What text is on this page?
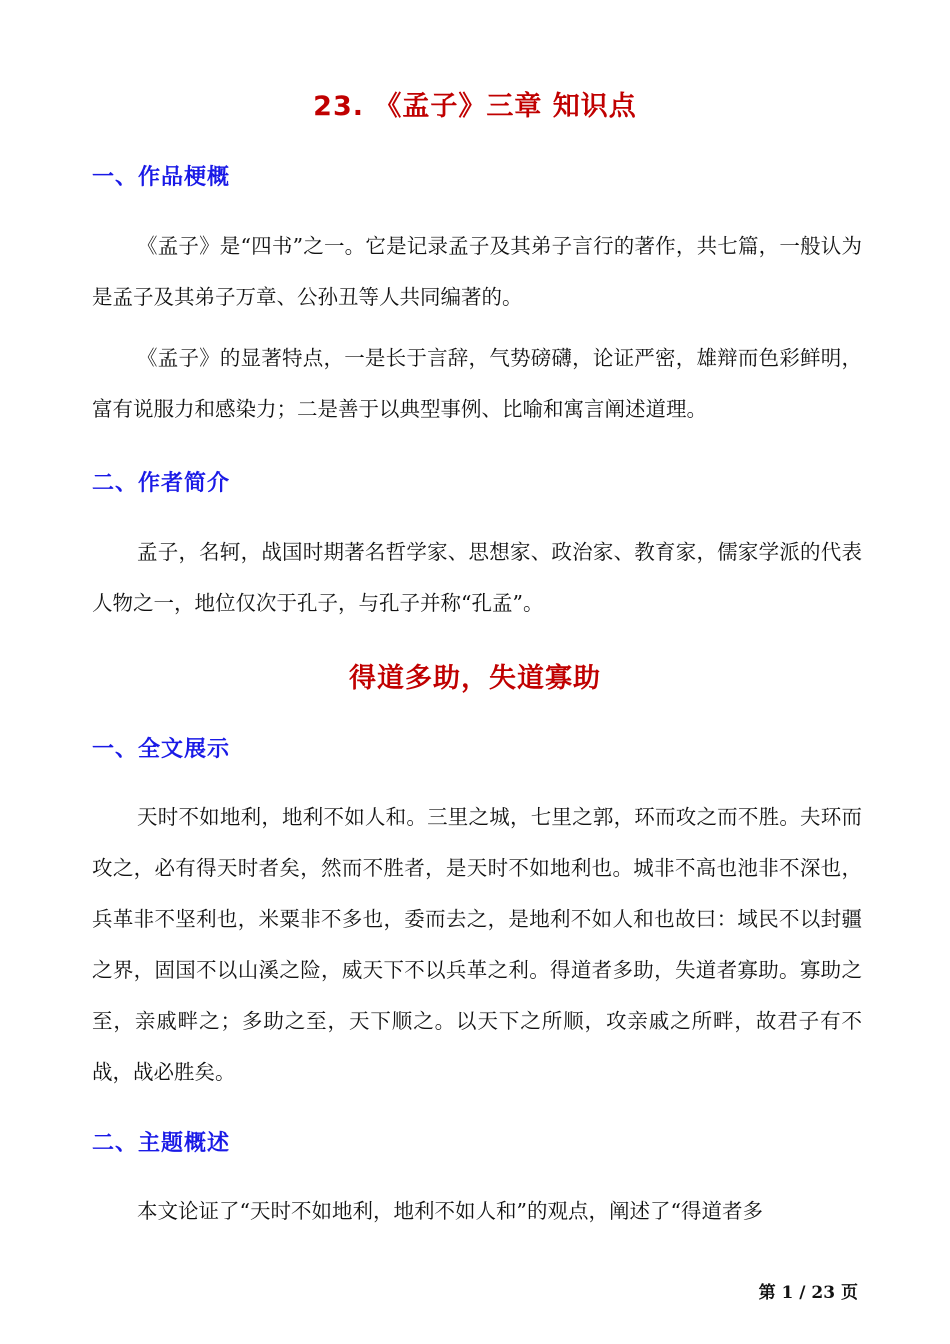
23. 《孟子》三章 知识点
一、作品梗概

《孟子》是“四书”之一。它是记录孟子及其弟子言行的著作，共七篇，一般认为是孟子及其弟子万章、公孙丑等人共同编著的。

《孟子》的显著特点，一是长于言辞，气势磅礴，论证严密，雄辩而色彩鲜明，富有说服力和感染力；二是善于以典型事例、比喻和寓言阐述道理。

二、作者简介

孟子，名轲，战国时期著名哲学家、思想家、政治家、教育家，儒家学派的代表人物之一，地位仅次于孔子，与孔子并称“孔孟”。

得道多助，失道寡助
一、全文展示

天时不如地利，地利不如人和。三里之城，七里之郭，环而攻之而不胜。夫环而攻之，必有得天时者矣，然而不胜者，是天时不如地利也。城非不高也池非不深也，兵革非不坚利也，米粟非不多也，委而去之，是地利不如人和也故曰：域民不以封疆之界，固国不以山溪之险，威天下不以兵革之利。得道者多助，失道者寡助。寡助之至，亲戚畔之；多助之至，天下顺之。以天下之所顺，攻亲戚之所畔，故君子有不战，战必胜矣。

二、主题概述

本文论证了“天时不如地利，地利不如人和”的观点，阐述了“得道者多

第 1 / 23 页
